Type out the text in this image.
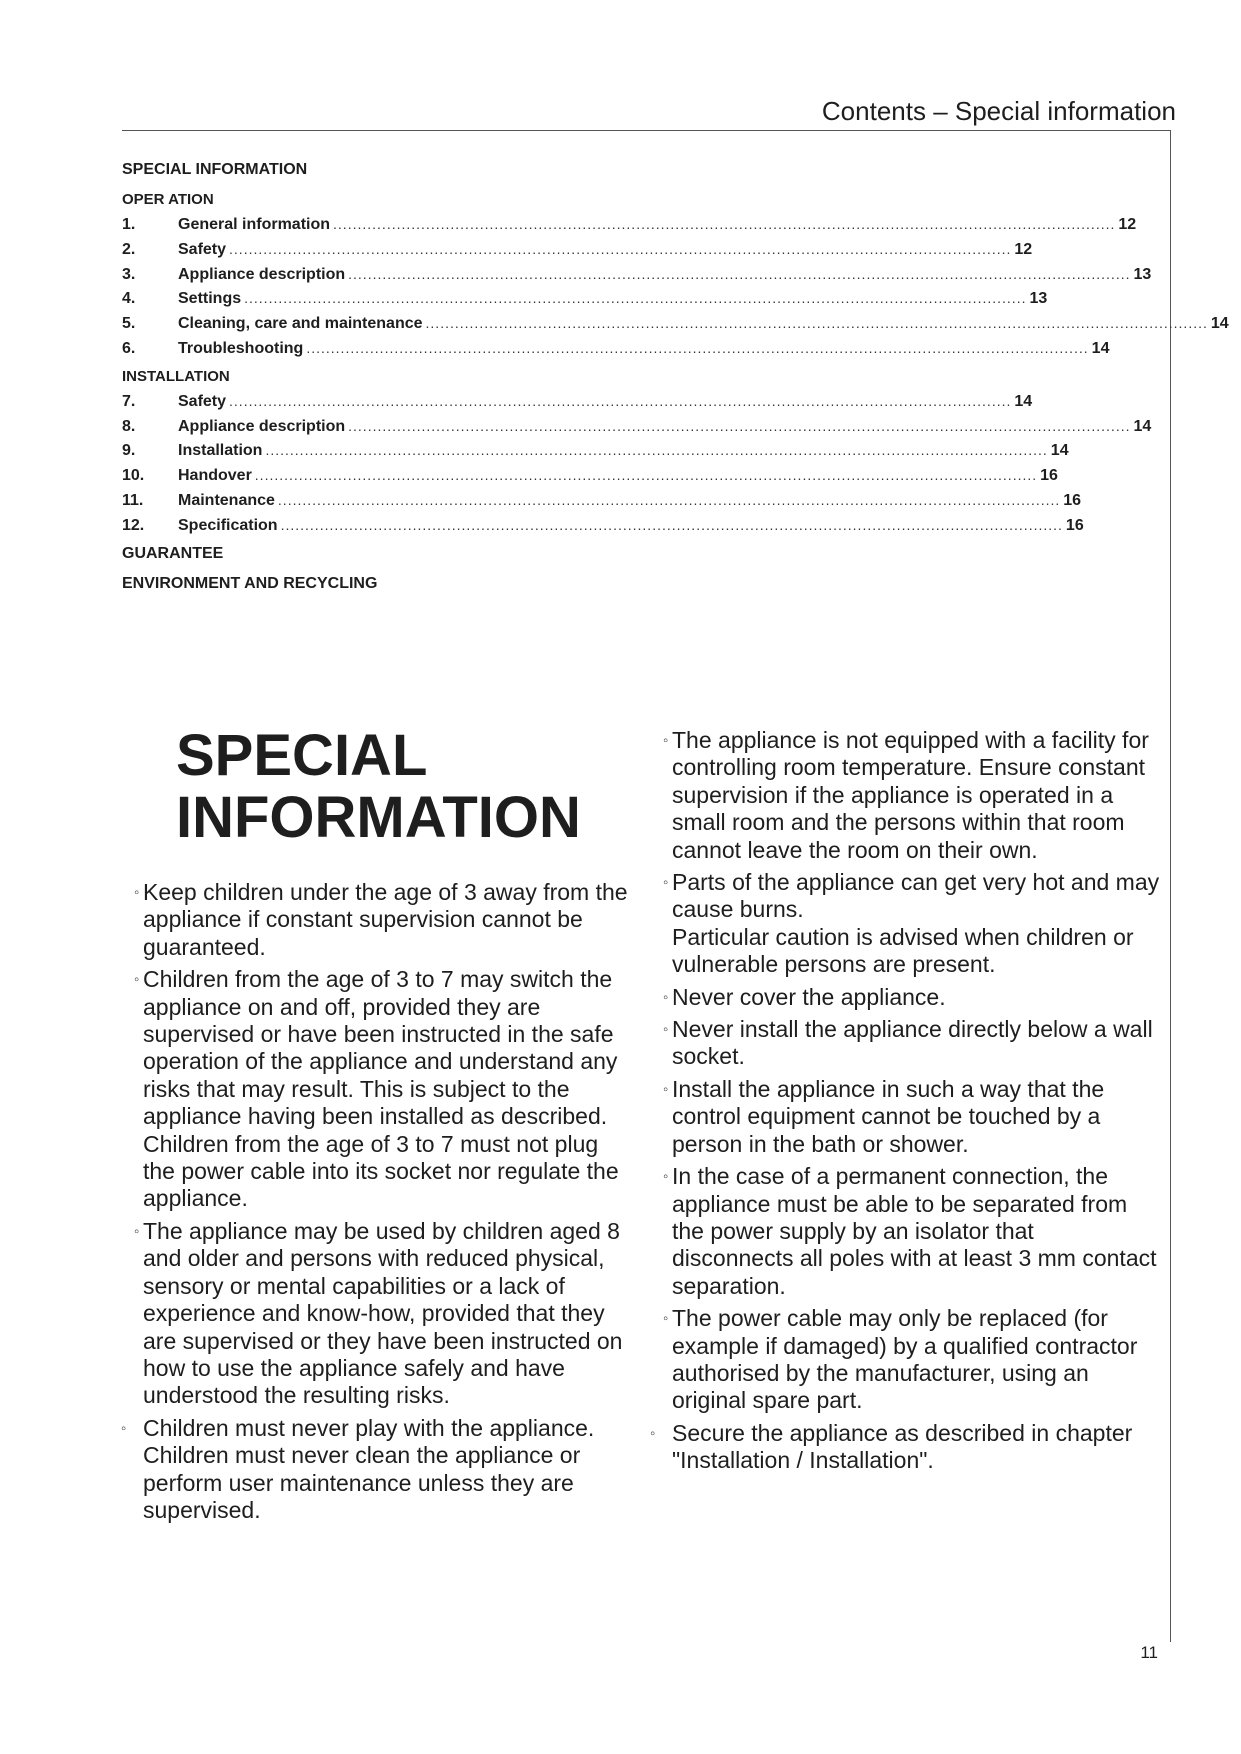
Contents – Special information
SPECIAL INFORMATION
OPER ATION
1.	General information ................................................................................................................................................................ 12
2.	Safety ................................................................................................................................................................ 12
3.	Appliance description ................................................................................................................................................................ 13
4.	Settings ................................................................................................................................................................ 13
5.	Cleaning, care and maintenance ................................................................................................................................................................ 14
6.	Troubleshooting ................................................................................................................................................................ 14
INSTALLATION
7.	Safety ................................................................................................................................................................ 14
8.	Appliance description ................................................................................................................................................................ 14
9.	Installation ................................................................................................................................................................ 14
10.	Handover ................................................................................................................................................................ 16
11.	Maintenance ................................................................................................................................................................ 16
12.	Specification ................................................................................................................................................................ 16
GUARANTEE
ENVIRONMENT AND RECYCLING
SPECIAL
INFORMATION
◦ Keep children under the age of 3 away from the appliance if constant supervision cannot be guaranteed.
◦ Children from the age of 3 to 7 may switch the appliance on and off, provided they are supervised or have been instructed in the safe operation of the appliance and understand any risks that may result. This is subject to the appliance having been installed as described.
Children from the age of 3 to 7 must not plug the power cable into its socket nor regulate the appliance.
◦ The appliance may be used by children aged 8 and older and persons with reduced physical, sensory or mental capabilities or a lack of experience and know-how, provided that they are supervised or they have been instructed on how to use the appliance safely and have understood the resulting risks.
◦ Children must never play with the appliance. Children must never clean the appliance or perform user maintenance unless they are supervised.
◦ The appliance is not equipped with a facility for controlling room temperature. Ensure constant supervision if the appliance is operated in a small room and the persons within that room cannot leave the room on their own.
◦ Parts of the appliance can get very hot and may cause burns.
Particular caution is advised when children or vulnerable persons are present.
◦ Never cover the appliance.
◦ Never install the appliance directly below a wall socket.
◦ Install the appliance in such a way that the control equipment cannot be touched by a person in the bath or shower.
◦ In the case of a permanent connection, the appliance must be able to be separated from the power supply by an isolator that disconnects all poles with at least 3 mm contact separation.
◦ The power cable may only be replaced (for example if damaged) by a qualified contractor authorised by the manufacturer, using an original spare part.
◦ Secure the appliance as described in chapter "Installation / Installation".
11
